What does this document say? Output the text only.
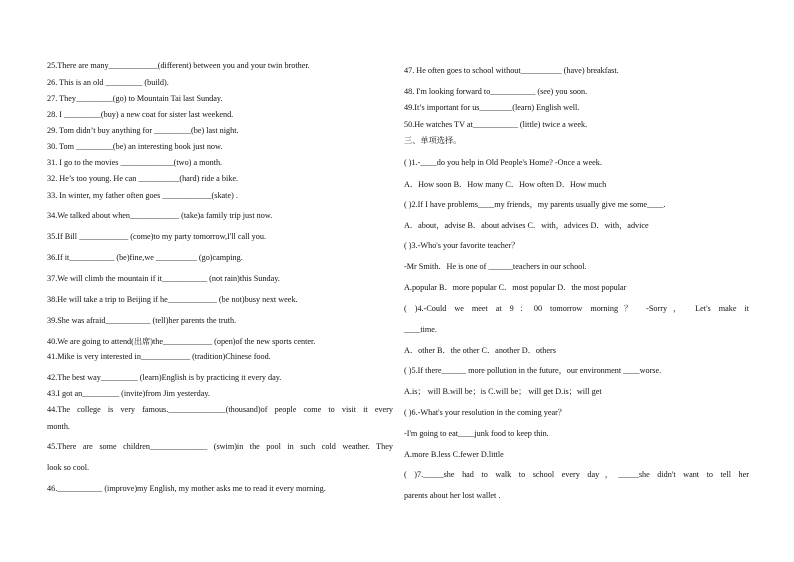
25.There are many____________(different) between you and your twin brother.
26. This is an old _________ (build).
27. They_________(go) to Mountain Tai last Sunday.
28. I _________(buy) a new coat for sister last weekend.
29. Tom didn’t buy anything for _________(be) last night.
30. Tom _________(be) an interesting book just now.
31. I go to the movies _____________(two) a month.
32. He’s too young. He can __________(hard) ride a bike.
33. In winter, my father often goes ____________(skate) .
34.We talked about when____________ (take)a family trip just now.
35.If Bill ____________ (come)to my party tomorrow,I'll call you.
36.If it___________ (be)fine,we __________ (go)camping.
37.We will climb the mountain if it___________ (not rain)this Sunday.
38.He will take a trip to Beijing if he____________ (be not)busy next week.
39.She was afraid___________ (tell)her parents the truth.
40.We are going to attend(出席)the____________ (open)of the new sports center.
41.Mike is very interested in____________ (tradition)Chinese food.
42.The best way_________ (learn)English is by practicing it every day.
43.I got an_________ (invite)from Jim yesterday.
44.The college is very famous.______________(thousand)of people come to visit it every
month.
45.There are some children______________ (swim)in the pool in such cold weather. They
look so cool.
46.___________ (improve)my English, my mother asks me to read it every morning.
47. He often goes to school without__________ (have) breakfast.
48. I'm looking forward to___________ (see) you soon.
49.It’s important for us________(learn) English well.
50.He watches TV at___________ (little) twice a week.
三、单项选择。
( )1.-____do you help in Old People's Home? -Once a week.
A．How soon B．How many C．How often D．How much
( )2.If I have problems____my friends，my parents usually give me some____.
A．about，advise B．about advises C．with，advices D．with，advice
( )3.-Who's your favorite teacher？
-Mr Smith．He is one of ______teachers in our school.
A.popular B．more popular C．most popular D．the most popular
( )4.-Could we meet at 9：00 tomorrow morning？ -Sorry， Let's make it
____time.
A．other B．the other C．another D．others
( )5.If there______ more pollution in the future，our environment ____worse.
A.is； will B.will be；is C.will be； will get D.is；will get
( )6.-What's your resolution in the coming year？
-I'm going to eat____junk food to keep thin.
A.more B.less C.fewer D.little
( )7._____she had to walk to school every day，_____she didn't want to tell her
parents about her lost wallet .
